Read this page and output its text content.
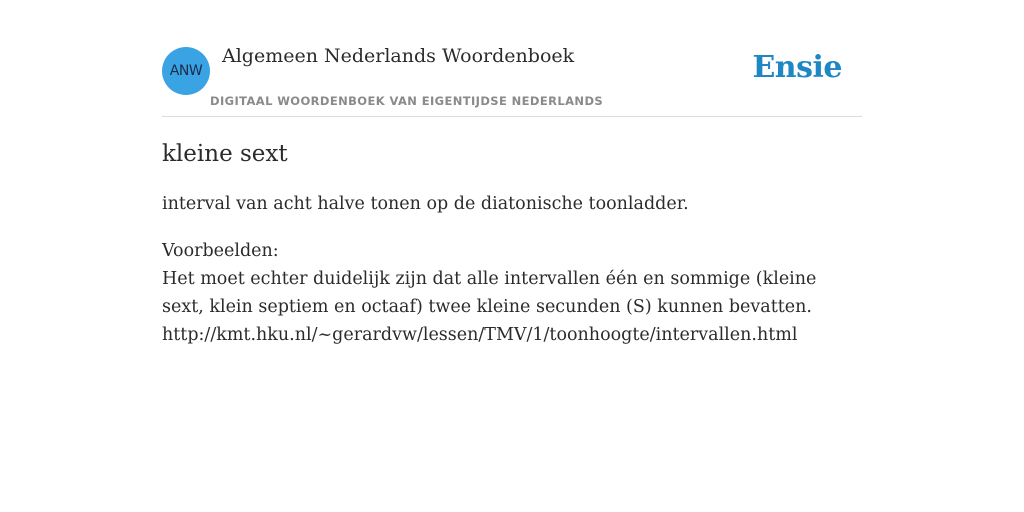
ANW
Algemeen Nederlands Woordenboek
DIGITAAL WOORDENBOEK VAN EIGENTIJDSE NEDERLANDS
Ensie
kleine sext

interval van acht halve tonen op de diatonische toonladder.

Voorbeelden:

Het moet echter duidelijk zijn dat alle intervallen één en sommige (kleine sext, klein septiem en octaaf) twee kleine secunden (S) kunnen bevatten.

http://kmt.hku.nl/~gerardvw/lessen/TMV/1/toonhoogte/intervallen.html
